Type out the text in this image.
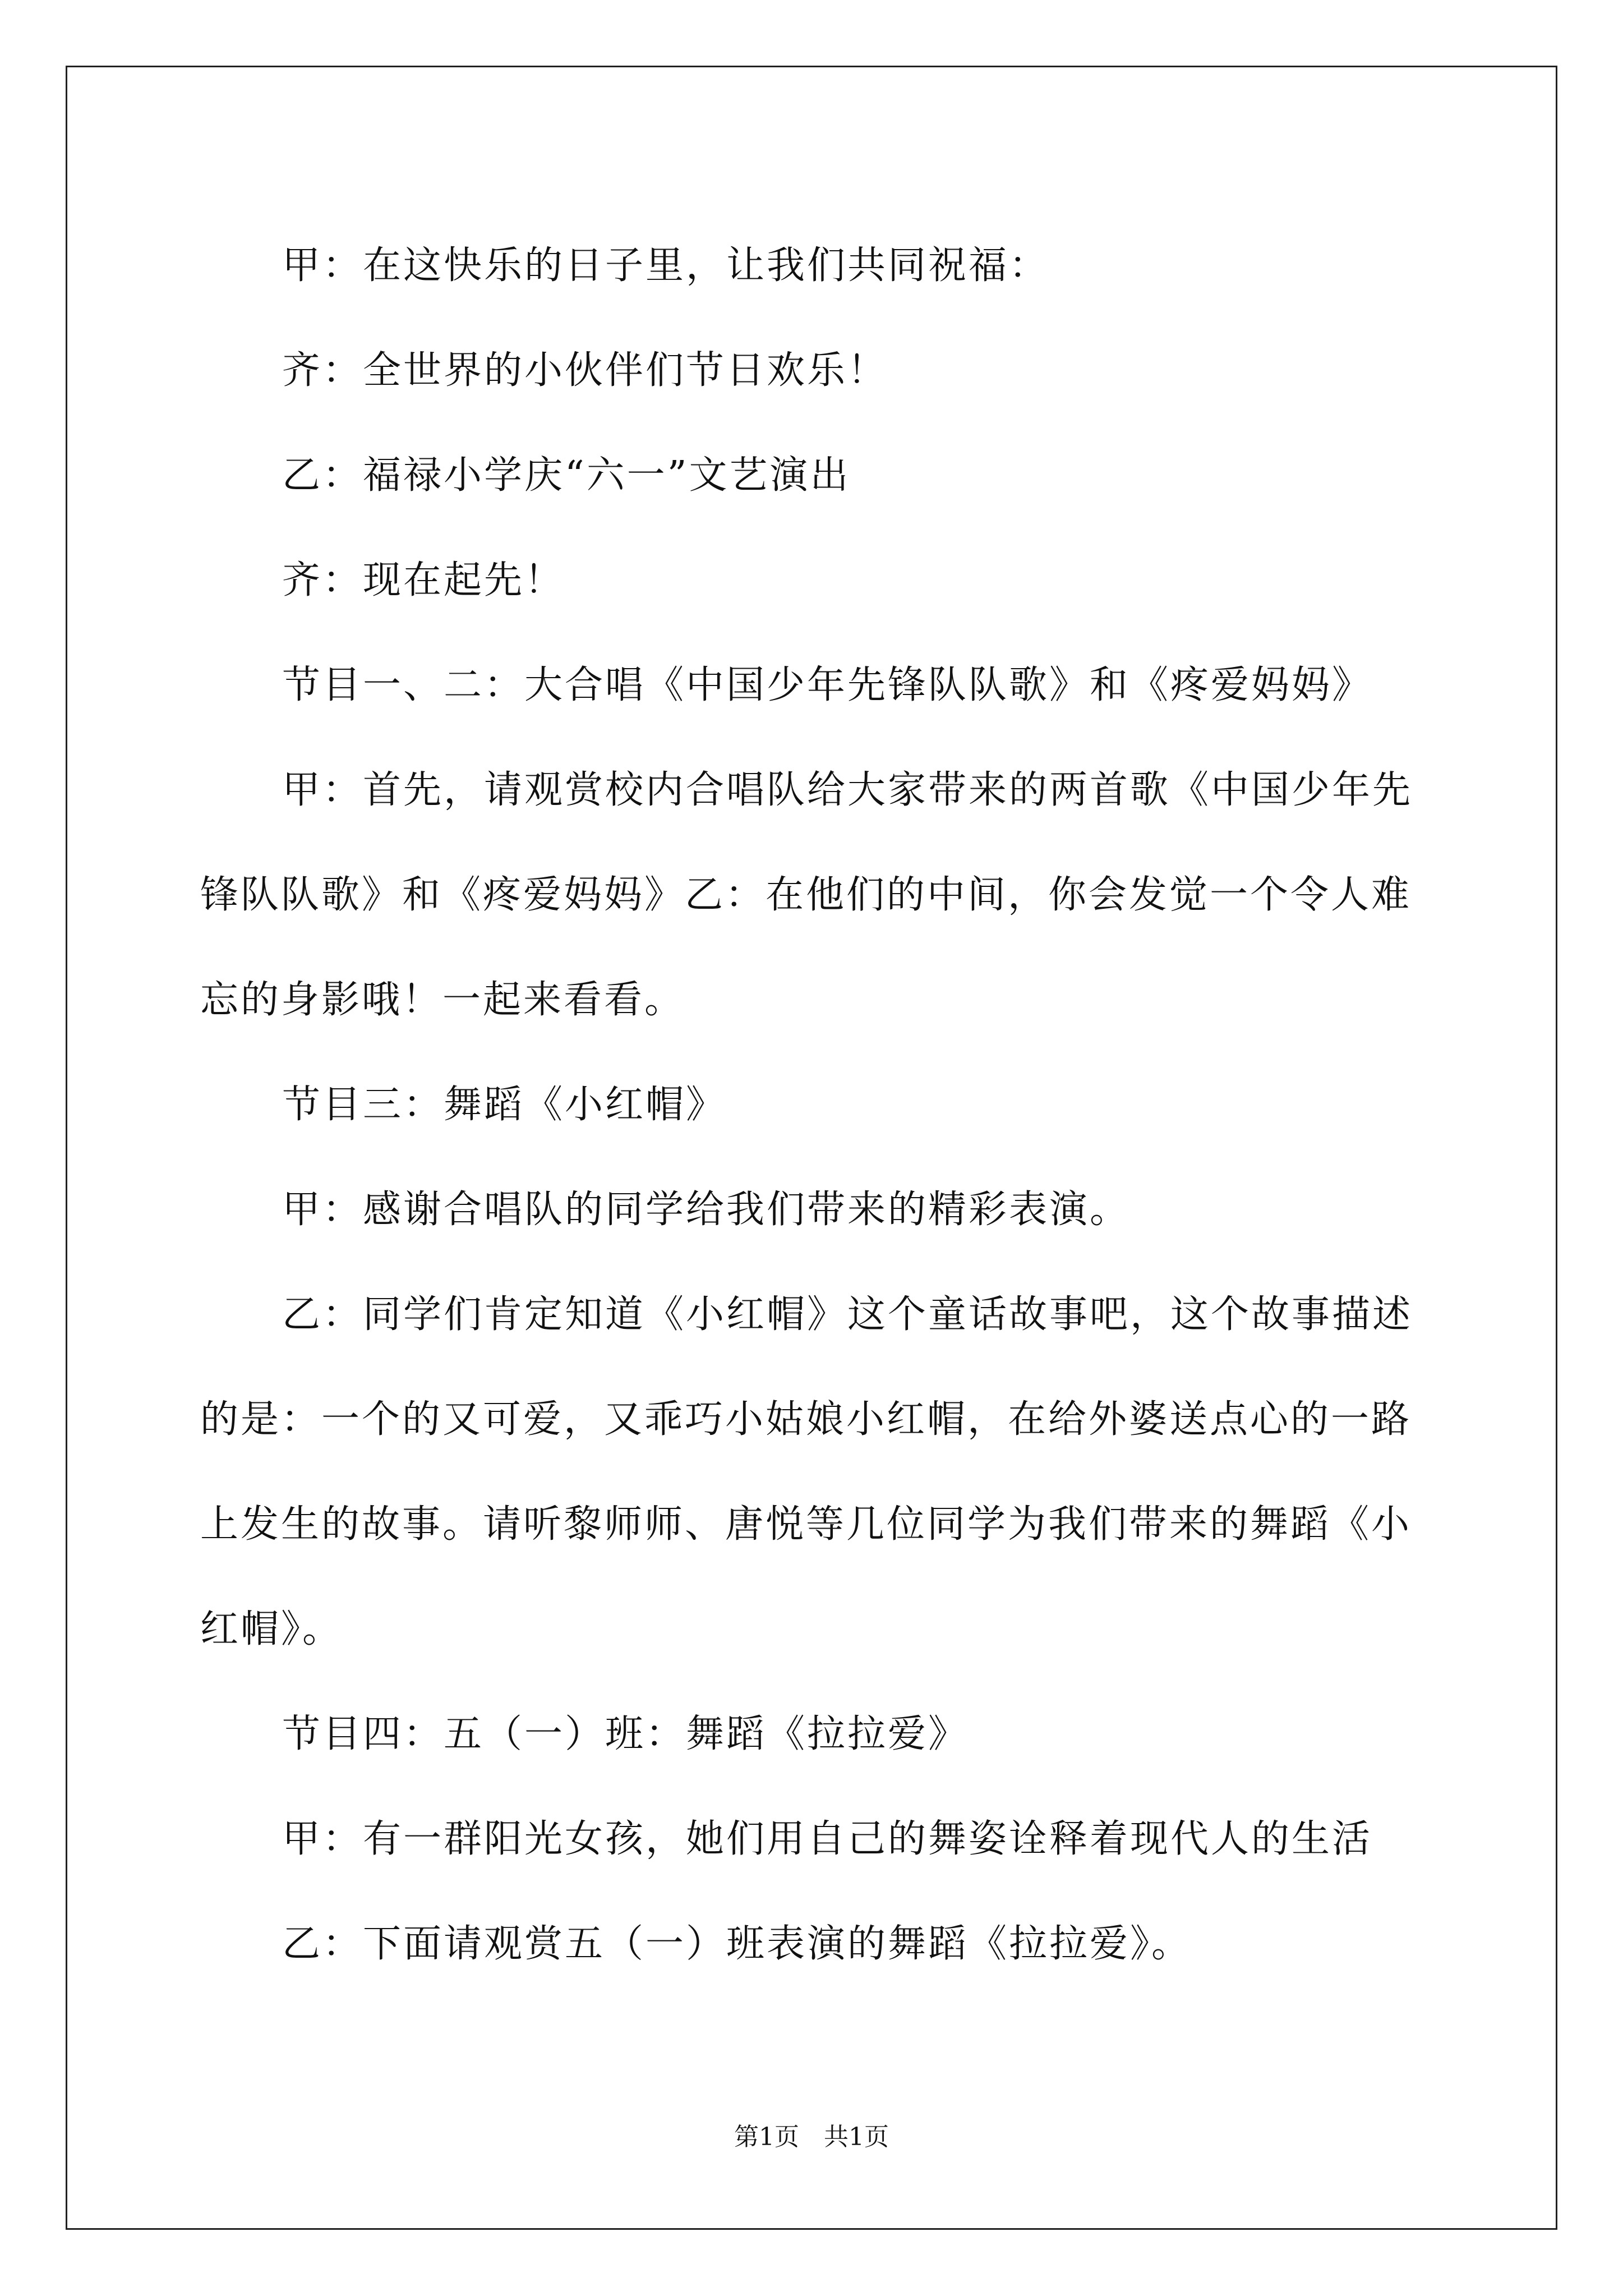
甲：在这快乐的日子里，让我们共同祝福：
齐：全世界的小伙伴们节日欢乐！
乙：福禄小学庆“六一”文艺演出
齐：现在起先！
节目一、二：大合唱《中国少年先锋队队歌》和《疼爱妈妈》
甲：首先，请观赏校内合唱队给大家带来的两首歌《中国少年先
锋队队歌》和《疼爱妈妈》乙：在他们的中间，你会发觉一个令人难
忘的身影哦！一起来看看。
节目三：舞蹈《小红帽》
甲：感谢合唱队的同学给我们带来的精彩表演。
乙：同学们肯定知道《小红帽》这个童话故事吧，这个故事描述
的是：一个的又可爱，又乖巧小姑娘小红帽，在给外婆送点心的一路
上发生的故事。请听黎师师、唐悦等几位同学为我们带来的舞蹈《小
红帽》。
节目四：五（一）班：舞蹈《拉拉爱》
甲：有一群阳光女孩，她们用自己的舞姿诠释着现代人的生活
乙：下面请观赏五（一）班表演的舞蹈《拉拉爱》。
第1页　共1页
